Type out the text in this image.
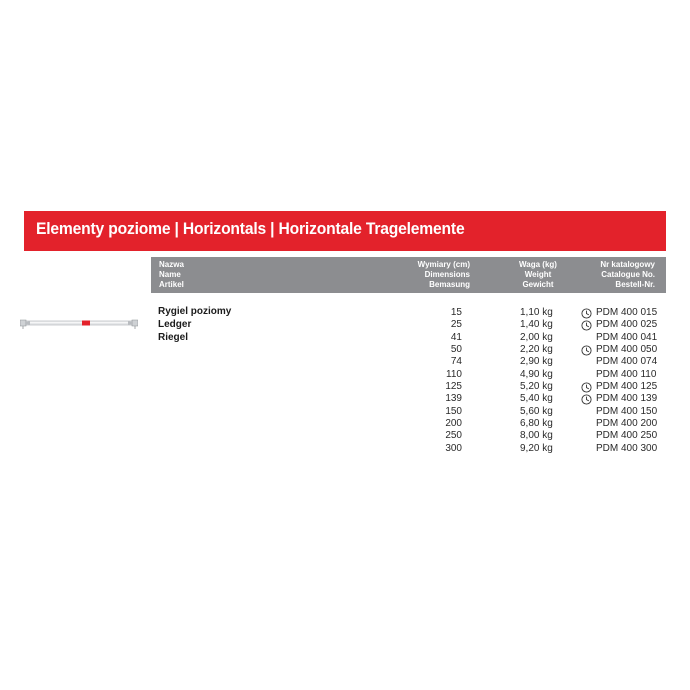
Elementy poziome | Horizontals | Horizontale Tragelemente
Nazwa
Name
Artikel
Wymiary (cm)
Dimensions
Bemasung
Waga (kg)
Weight
Gewicht
Nr katalogowy
Catalogue No.
Bestell-Nr.
Rygiel poziomy
Ledger
Riegel
15	1,10 kg	PDM 400 015
25	1,40 kg	PDM 400 025
41	2,00 kg	PDM 400 041
50	2,20 kg	PDM 400 050
74	2,90 kg	PDM 400 074
110	4,90 kg	PDM 400 110
125	5,20 kg	PDM 400 125
139	5,40 kg	PDM 400 139
150	5,60 kg	PDM 400 150
200	6,80 kg	PDM 400 200
250	8,00 kg	PDM 400 250
300	9,20 kg	PDM 400 300
